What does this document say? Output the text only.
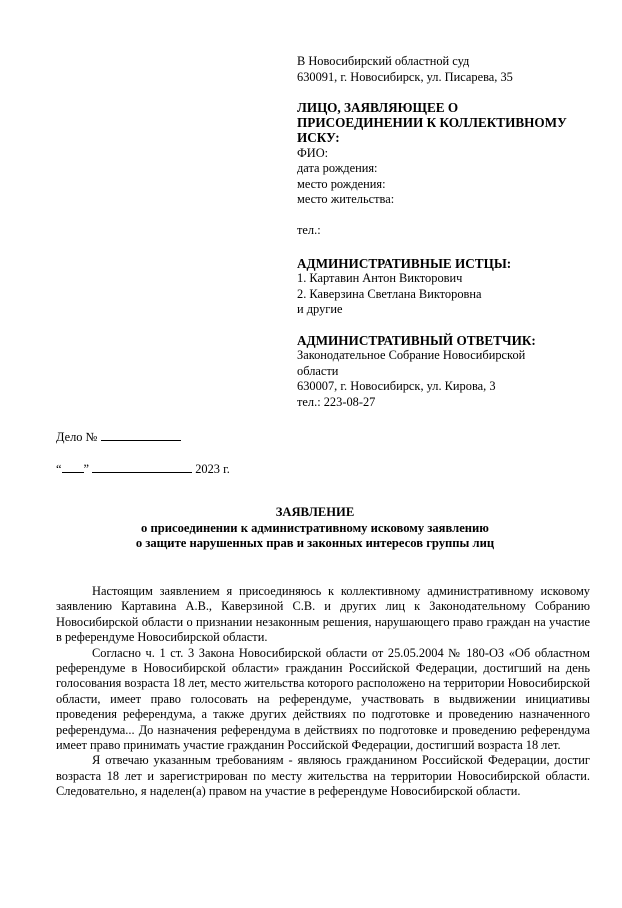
В Новосибирский областной суд
630091, г. Новосибирск, ул. Писарева, 35
ЛИЦО, ЗАЯВЛЯЮЩЕЕ О
ПРИСОЕДИНЕНИИ К КОЛЛЕКТИВНОМУ
ИСКУ:
ФИО:
дата рождения:
место рождения:
место жительства:
тел.:
АДМИНИСТРАТИВНЫЕ ИСТЦЫ:
1. Картавин Антон Викторович
2. Каверзина Светлана Викторовна
и другие
АДМИНИСТРАТИВНЫЙ ОТВЕТЧИК:
Законодательное Собрание Новосибирской
области
630007, г. Новосибирск, ул. Кирова, 3
тел.: 223-08-27
Дело №
“ ”	2023 г.
ЗАЯВЛЕНИЕ
о присоединении к административному исковому заявлению
о защите нарушенных прав и законных интересов группы лиц

Настоящим заявлением я присоединяюсь к коллективному административному исковому заявлению Картавина А.В., Каверзиной С.В. и других лиц к Законодательному Собранию Новосибирской области о признании незаконным решения, нарушающего право граждан на участие в референдуме Новосибирской области.

Согласно ч. 1 ст. 3 Закона Новосибирской области от 25.05.2004 № 180-ОЗ «Об областном референдуме в Новосибирской области» гражданин Российской Федерации, достигший на день голосования возраста 18 лет, место жительства которого расположено на территории Новосибирской области, имеет право голосовать на референдуме, участвовать в выдвижении инициативы проведения референдума, а также других действиях по подготовке и проведению назначенного референдума... До назначения референдума в действиях по подготовке и проведению референдума имеет право принимать участие гражданин Российской Федерации, достигший возраста 18 лет.

Я отвечаю указанным требованиям - являюсь гражданином Российской Федерации, достиг возраста 18 лет и зарегистрирован по месту жительства на территории Новосибирской области. Следовательно, я наделен(а) правом на участие в референдуме Новосибирской области.
